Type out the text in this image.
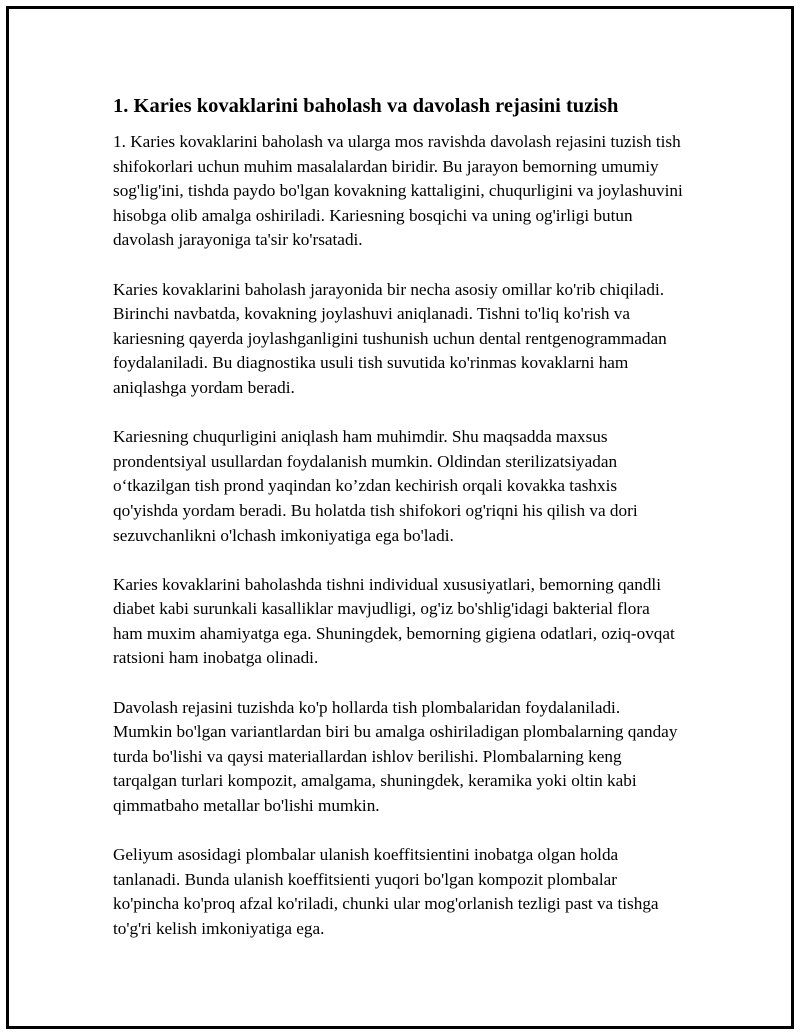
1. Karies kovaklarini baholash va davolash rejasini tuzish

1. Karies kovaklarini baholash va ularga mos ravishda davolash rejasini tuzish tish shifokorlari uchun muhim masalalardan biridir. Bu jarayon bemorning umumiy sog'lig'ini, tishda paydo bo'lgan kovakning kattaligini, chuqurligini va joylashuvini hisobga olib amalga oshiriladi. Kariesning bosqichi va uning og'irligi butun davolash jarayoniga ta'sir ko'rsatadi.

Karies kovaklarini baholash jarayonida bir necha asosiy omillar ko'rib chiqiladi. Birinchi navbatda, kovakning joylashuvi aniqlanadi. Tishni to'liq ko'rish va kariesning qayerda joylashganligini tushunish uchun dental rentgenogrammadan foydalaniladi. Bu diagnostika usuli tish suvutida ko'rinmas kovaklarni ham aniqlashga yordam beradi.

Kariesning chuqurligini aniqlash ham muhimdir. Shu maqsadda maxsus prondentsiyal usullardan foydalanish mumkin. Oldindan sterilizatsiyadan o‘tkazilgan tish prond yaqindan ko’zdan kechirish orqali kovakka tashxis qo'yishda yordam beradi. Bu holatda tish shifokori og'riqni his qilish va dori sezuvchanlikni o'lchash imkoniyatiga ega bo'ladi.

Karies kovaklarini baholashda tishni individual xususiyatlari, bemorning qandli diabet kabi surunkali kasalliklar mavjudligi, og'iz bo'shlig'idagi bakterial flora ham muxim ahamiyatga ega. Shuningdek, bemorning gigiena odatlari, oziq-ovqat ratsioni ham inobatga olinadi.

Davolash rejasini tuzishda ko'p hollarda tish plombalaridan foydalaniladi. Mumkin bo'lgan variantlardan biri bu amalga oshiriladigan plombalarning qanday turda bo'lishi va qaysi materiallardan ishlov berilishi. Plombalarning keng tarqalgan turlari kompozit, amalgama, shuningdek, keramika yoki oltin kabi qimmatbaho metallar bo'lishi mumkin.

Geliyum asosidagi plombalar ulanish koeffitsientini inobatga olgan holda tanlanadi. Bunda ulanish koeffitsienti yuqori bo'lgan kompozit plombalar ko'pincha ko'proq afzal ko'riladi, chunki ular mog'orlanish tezligi past va tishga to'g'ri kelish imkoniyatiga ega.
